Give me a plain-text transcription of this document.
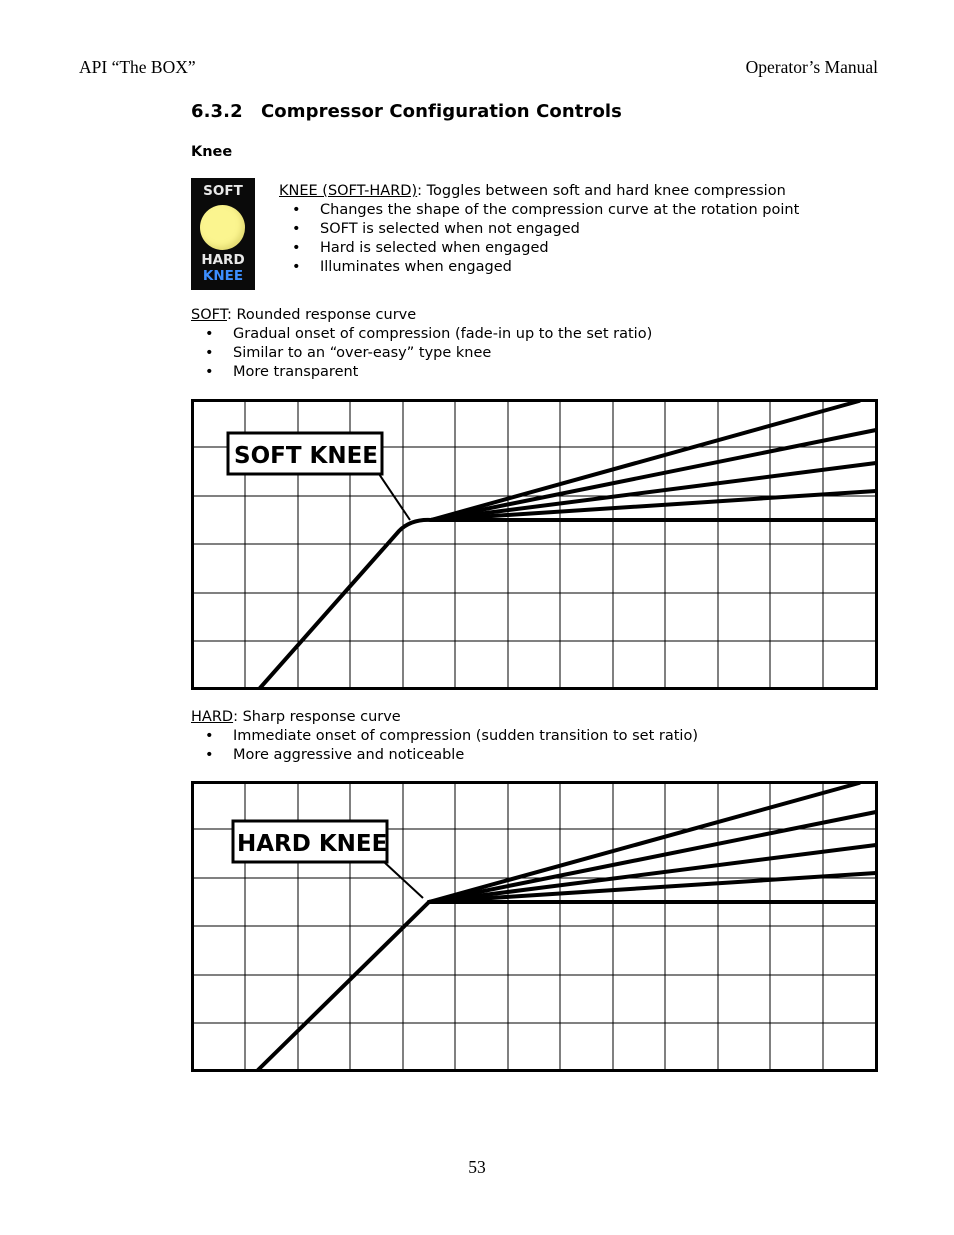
API “The BOX”	Operator’s Manual
6.3.2 Compressor Configuration Controls
Knee
SOFT
HARD
KNEE
KNEE (SOFT-HARD): Toggles between soft and hard knee compression
• Changes the shape of the compression curve at the rotation point
• SOFT is selected when not engaged
• Hard is selected when engaged
• Illuminates when engaged
SOFT: Rounded response curve
• Gradual onset of compression (fade-in up to the set ratio)
• Similar to an “over-easy” type knee
• More transparent
SOFT KNEE
HARD: Sharp response curve
• Immediate onset of compression (sudden transition to set ratio)
• More aggressive and noticeable
HARD KNEE
53
